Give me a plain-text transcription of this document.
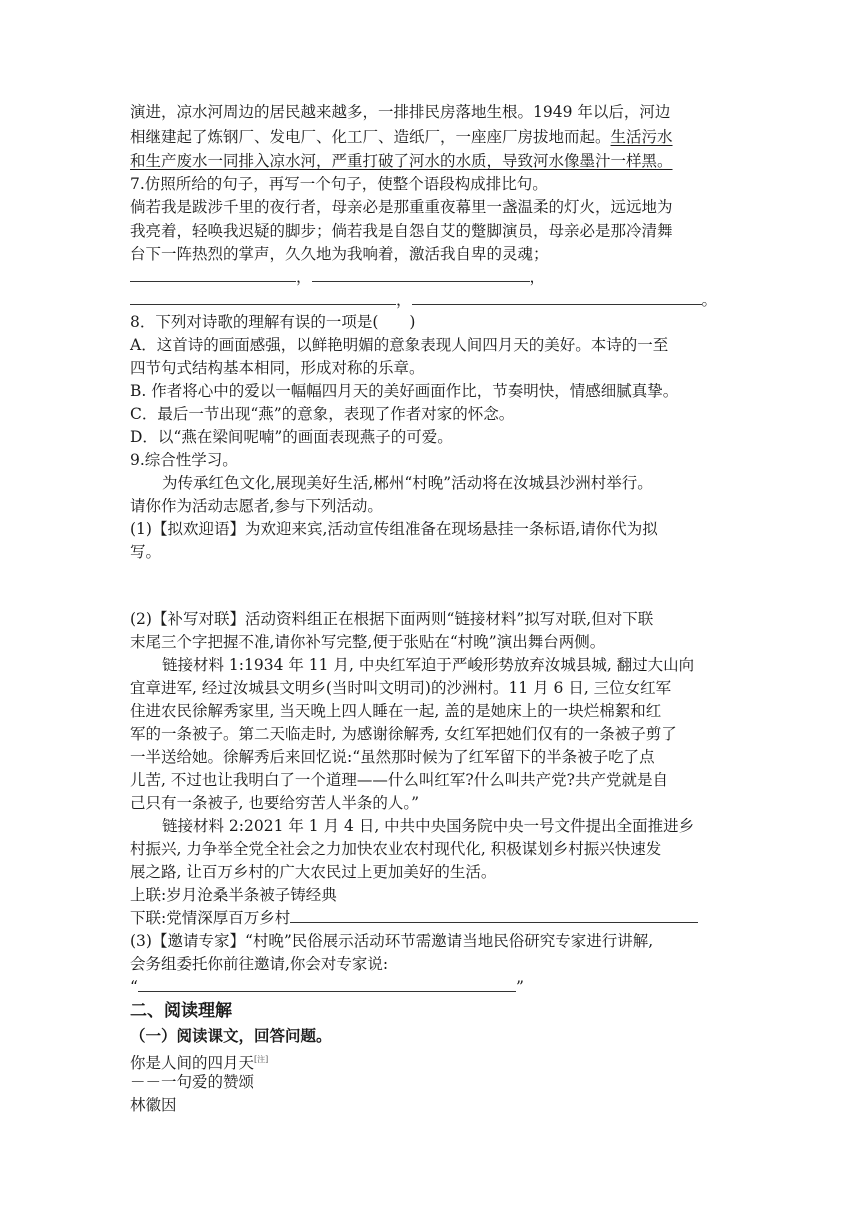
演进，凉水河周边的居民越来越多，一排排民房落地生根。1949 年以后，河边
相继建起了炼钢厂、发电厂、化工厂、造纸厂，一座座厂房拔地而起。生活污水
和生产废水一同排入凉水河，严重打破了河水的水质，导致河水像墨汁一样黑。
7.仿照所给的句子，再写一个句子，使整个语段构成排比句。
倘若我是跋涉千里的夜行者，母亲必是那重重夜幕里一盏温柔的灯火，远远地为
我亮着，轻唤我迟疑的脚步；倘若我是自怨自艾的蹩脚演员，母亲必是那冷清舞
台下一阵热烈的掌声，久久地为我响着，激活我自卑的灵魂；
，	，
，	。
8．下列对诗歌的理解有误的一项是(　　)
A．这首诗的画面感强，以鲜艳明媚的意象表现人间四月天的美好。本诗的一至
四节句式结构基本相同，形成对称的乐章。
B. 作者将心中的爱以一幅幅四月天的美好画面作比，节奏明快，情感细腻真挚。
C．最后一节出现“燕”的意象，表现了作者对家的怀念。
D．以“燕在梁间呢喃”的画面表现燕子的可爱。
9.综合性学习。
为传承红色文化,展现美好生活,郴州“村晚”活动将在汝城县沙洲村举行。
请你作为活动志愿者,参与下列活动。
(1)【拟欢迎语】为欢迎来宾,活动宣传组准备在现场悬挂一条标语,请你代为拟
写。
(2)【补写对联】活动资料组正在根据下面两则“链接材料”拟写对联,但对下联
末尾三个字把握不准,请你补写完整,便于张贴在“村晚”演出舞台两侧。
链接材料 1:1934 年 11 月, 中央红军迫于严峻形势放弃汝城县城, 翻过大山向
宜章进军, 经过汝城县文明乡(当时叫文明司)的沙洲村。11 月 6 日, 三位女红军
住进农民徐解秀家里, 当天晚上四人睡在一起, 盖的是她床上的一块烂棉絮和红
军的一条被子。第二天临走时, 为感谢徐解秀, 女红军把她们仅有的一条被子剪了
一半送给她。徐解秀后来回忆说:“虽然那时候为了红军留下的半条被子吃了点
儿苦, 不过也让我明白了一个道理——什么叫红军?什么叫共产党?共产党就是自
己只有一条被子, 也要给穷苦人半条的人。”
链接材料 2:2021 年 1 月 4 日, 中共中央国务院中央一号文件提出全面推进乡
村振兴, 力争举全党全社会之力加快农业农村现代化, 积极谋划乡村振兴快速发
展之路, 让百万乡村的广大农民过上更加美好的生活。
上联:岁月沧桑半条被子铸经典
下联:党情深厚百万乡村
(3)【邀请专家】“村晚”民俗展示活动环节需邀请当地民俗研究专家进行讲解,
会务组委托你前往邀请,你会对专家说:
“	”
二、阅读理解
（一）阅读课文，回答问题。
你是人间的四月天[注]
－－一句爱的赞颂
林徽因
